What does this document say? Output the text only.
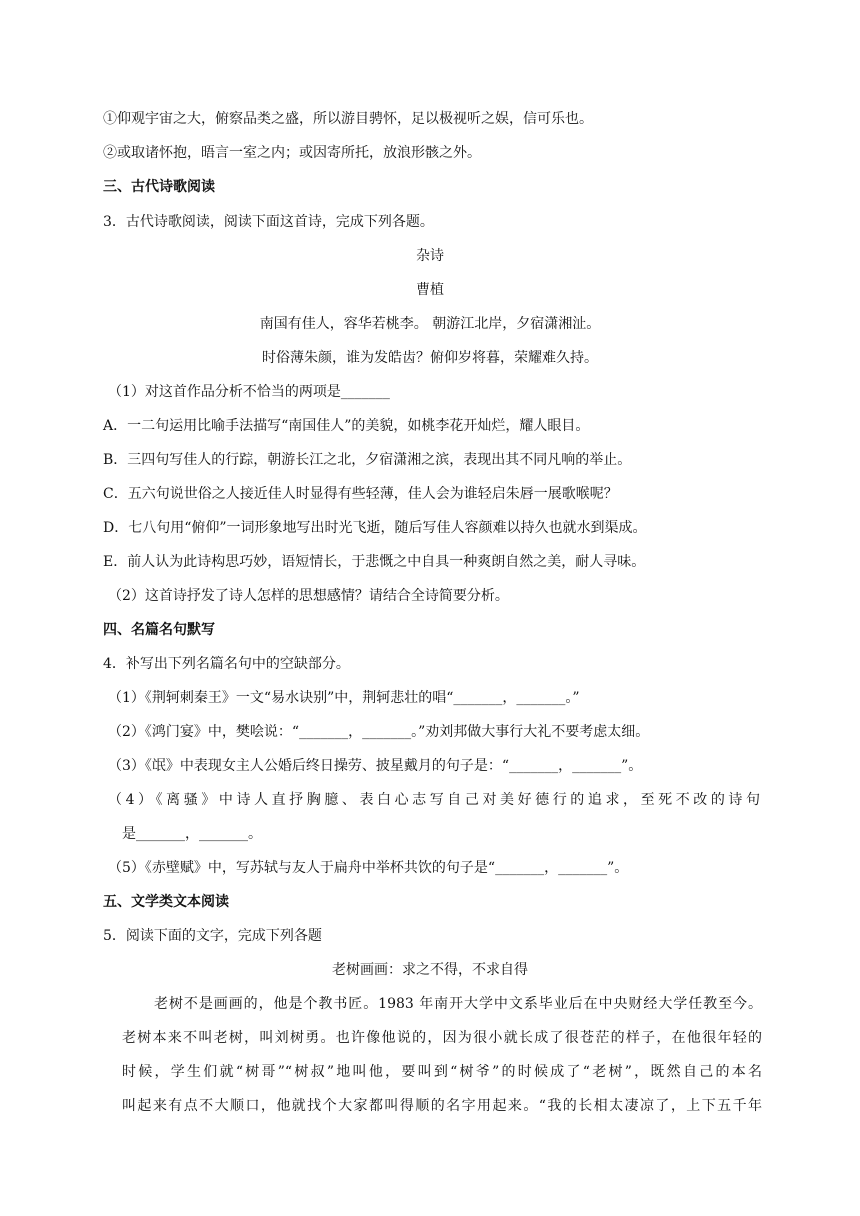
①仰观宇宙之大，俯察品类之盛，所以游目骋怀，足以极视听之娱，信可乐也。
②或取诸怀抱，晤言一室之内；或因寄所托，放浪形骸之外。
三、古代诗歌阅读
3．古代诗歌阅读，阅读下面这首诗，完成下列各题。
杂诗
曹植
南国有佳人，容华若桃李。 朝游江北岸，夕宿潇湘沚。
时俗薄朱颜，谁为发皓齿？俯仰岁将暮，荣耀难久持。
（1）对这首作品分析不恰当的两项是_______
A．一二句运用比喻手法描写“南国佳人”的美貌，如桃李花开灿烂，耀人眼目。
B．三四句写佳人的行踪，朝游长江之北，夕宿潇湘之滨，表现出其不同凡响的举止。
C．五六句说世俗之人接近佳人时显得有些轻薄，佳人会为谁轻启朱唇一展歌喉呢？
D．七八句用“俯仰”一词形象地写出时光飞逝，随后写佳人容颜难以持久也就水到渠成。
E．前人认为此诗构思巧妙，语短情长，于悲慨之中自具一种爽朗自然之美，耐人寻味。
（2）这首诗抒发了诗人怎样的思想感情？请结合全诗简要分析。
四、名篇名句默写
4．补写出下列名篇名句中的空缺部分。
（1）《荆轲刺秦王》一文“易水诀别”中，荆轲悲壮的唱“_______，_______。”
（2）《鸿门宴》中，樊哙说：“_______，_______。”劝刘邦做大事行大礼不要考虑太细。
（3）《氓》中表现女主人公婚后终日操劳、披星戴月的句子是：“_______，_______”。
（4）《离骚》中诗人直抒胸臆、表白心志写自己对美好德行的追求，至死不改的诗句
是_______，_______。
（5）《赤壁赋》中，写苏轼与友人于扁舟中举杯共饮的句子是“_______，_______”。
五、文学类文本阅读
5．阅读下面的文字，完成下列各题
老树画画：求之不得，不求自得
老树不是画画的，他是个教书匠。1983 年南开大学中文系毕业后在中央财经大学任教至今。
老树本来不叫老树，叫刘树勇。也许像他说的，因为很小就长成了很苍茫的样子，在他很年轻的
时候，学生们就“树哥”“树叔”地叫他，要叫到“树爷”的时候成了“老树”，既然自己的本名
叫起来有点不大顺口，他就找个大家都叫得顺的名字用起来。“我的长相太凄凉了，上下五千年
